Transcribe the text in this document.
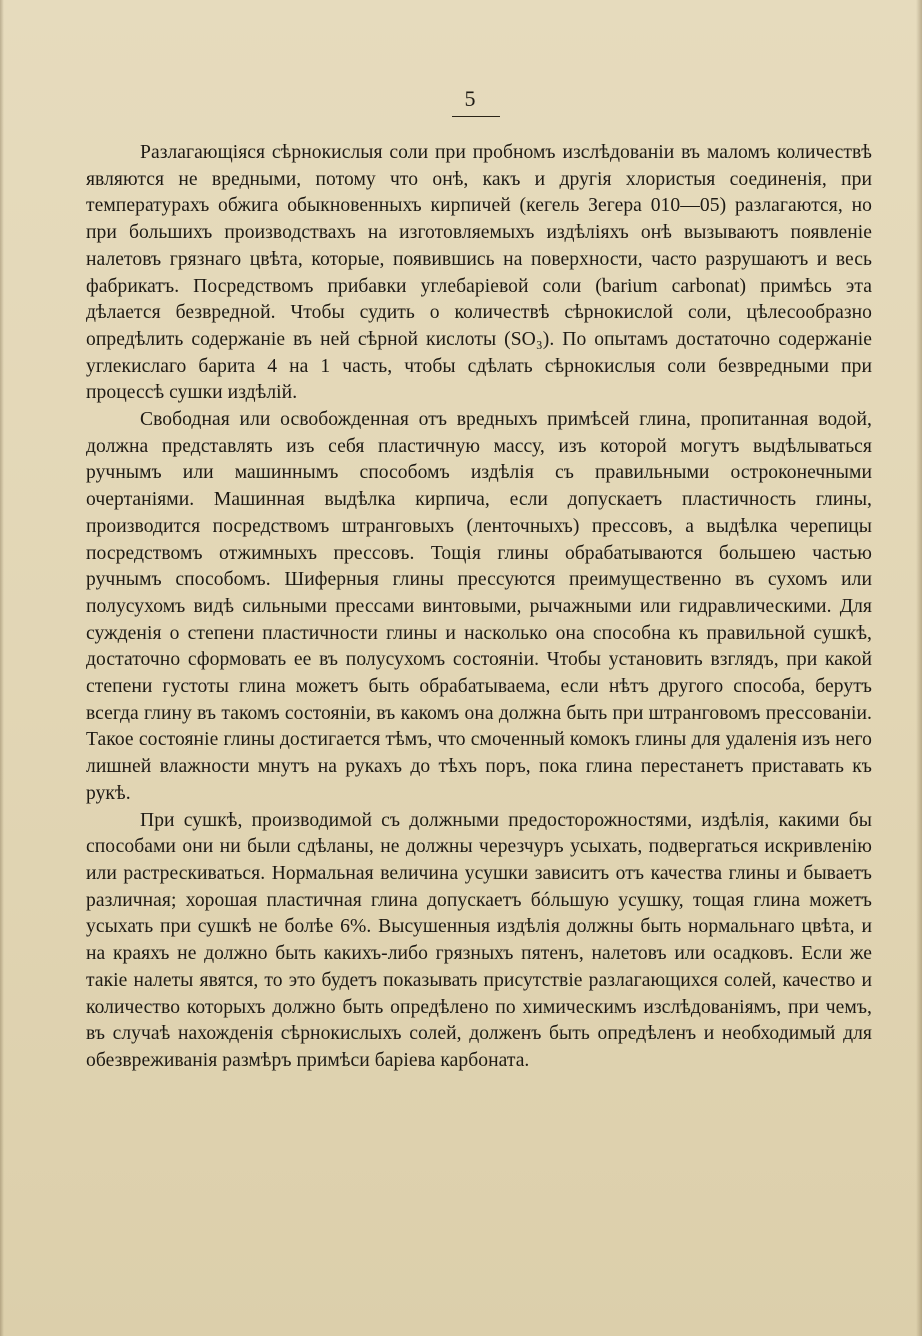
5

Разлагающіяся сѣрнокислыя соли при пробномъ изслѣдованіи въ маломъ количествѣ являются не вредными, потому что онѣ, какъ и другія хлористыя соединенія, при температурахъ обжига обыкновенныхъ кирпичей (кегель Зегера 010—05) разлагаются, но при большихъ производствахъ на изготовляемыхъ издѣліяхъ онѣ вызываютъ появленіе налетовъ грязнаго цвѣта, которые, появившись на поверхности, часто разрушаютъ и весь фабрикатъ. Посредствомъ прибавки углебаріевой соли (barium carbonat) примѣсь эта дѣлается безвредной. Чтобы судить о количествѣ сѣрнокислой соли, цѣлесообразно опредѣлить содержаніе въ ней сѣрной кислоты (SO₃). По опытамъ достаточно содержаніе углекислаго барита 4 на 1 часть, чтобы сдѣлать сѣрнокислыя соли безвредными при процессѣ сушки издѣлій.

Свободная или освобожденная отъ вредныхъ примѣсей глина, пропитанная водой, должна представлять изъ себя пластичную массу, изъ которой могутъ выдѣлываться ручнымъ или машиннымъ способомъ издѣлія съ правильными остроконечными очертаніями. Машинная выдѣлка кирпича, если допускаетъ пластичность глины, производится посредствомъ штранговыхъ (ленточныхъ) прессовъ, а выдѣлка черепицы посредствомъ отжимныхъ прессовъ. Тощія глины обрабатываются большею частью ручнымъ способомъ. Шиферныя глины прессуются преимущественно въ сухомъ или полусухомъ видѣ сильными прессами винтовыми, рычажными или гидравлическими. Для сужденія о степени пластичности глины и насколько она способна къ правильной сушкѣ, достаточно сформовать ее въ полусухомъ состояніи. Чтобы установить взглядъ, при какой степени густоты глина можетъ быть обрабатываема, если нѣтъ другого способа, берутъ всегда глину въ такомъ состояніи, въ какомъ она должна быть при штранговомъ прессованіи. Такое состояніе глины достигается тѣмъ, что смоченный комокъ глины для удаленія изъ него лишней влажности мнутъ на рукахъ до тѣхъ поръ, пока глина перестанетъ приставать къ рукѣ.

При сушкѣ, производимой съ должными предосторожностями, издѣлія, какими бы способами они ни были сдѣланы, не должны черезчуръ усыхать, подвергаться искривленію или растрескиваться. Нормальная величина усушки зависитъ отъ качества глины и бываетъ различная; хорошая пластичная глина допускаетъ бóльшую усушку, тощая глина можетъ усыхать при сушкѣ не болѣе 6%. Высушенныя издѣлія должны быть нормальнаго цвѣта, и на краяхъ не должно быть какихъ-либо грязныхъ пятенъ, налетовъ или осадковъ. Если же такіе налеты явятся, то это будетъ показывать присутствіе разлагающихся солей, качество и количество которыхъ должно быть опредѣлено по химическимъ изслѣдованіямъ, при чемъ, въ случаѣ нахожденія сѣрнокислыхъ солей, долженъ быть опредѣленъ и необходимый для обезвреживанія размѣръ примѣси баріева карбоната.
